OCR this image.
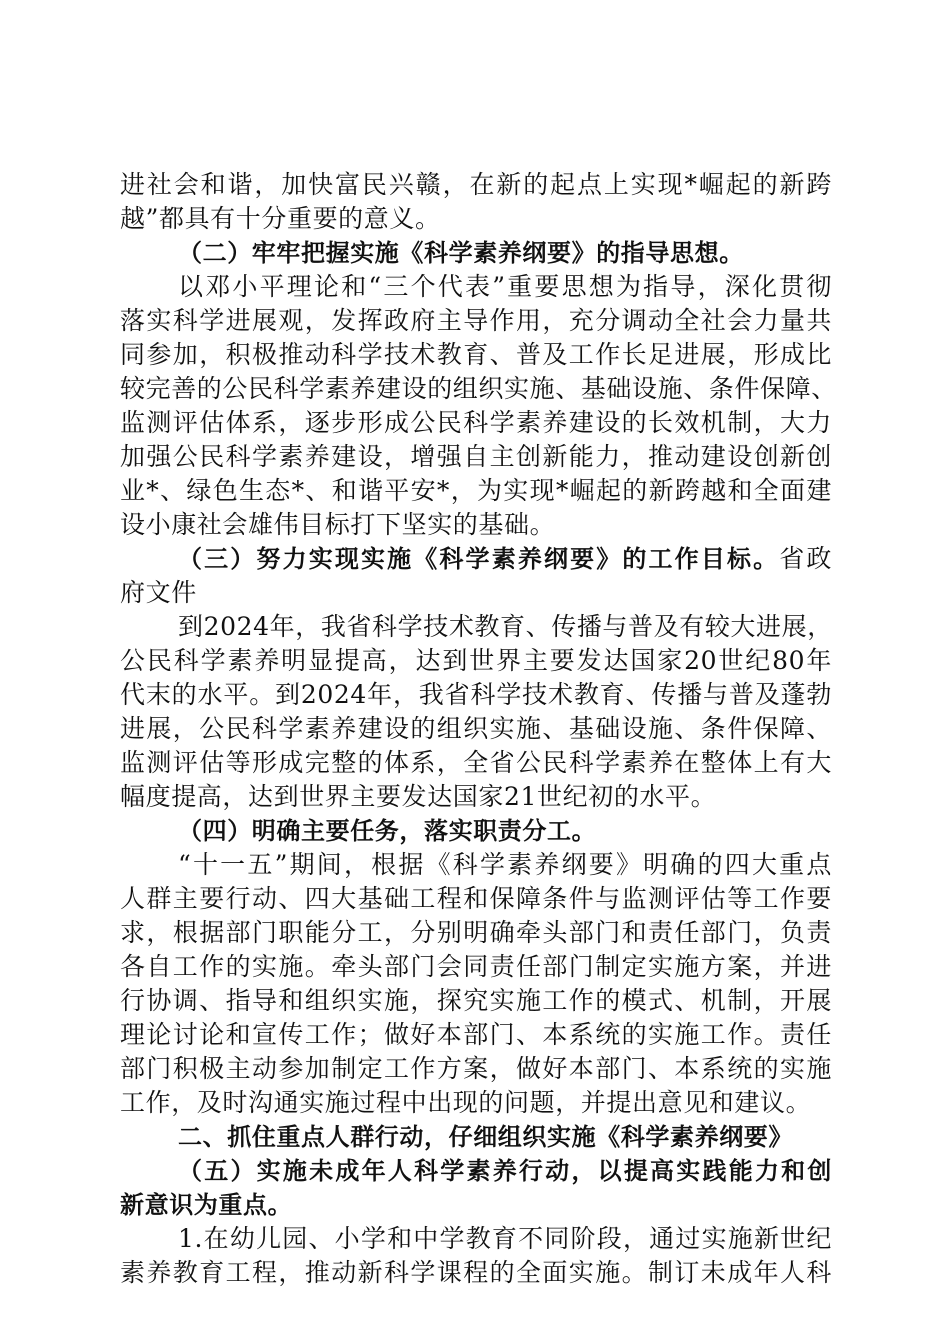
进社会和谐，加快富民兴赣，在新的起点上实现*崛起的新跨
越”都具有十分重要的意义。
（二）牢牢把握实施《科学素养纲要》的指导思想。
以邓小平理论和“三个代表”重要思想为指导，深化贯彻
落实科学进展观，发挥政府主导作用，充分调动全社会力量共
同参加，积极推动科学技术教育、普及工作长足进展，形成比
较完善的公民科学素养建设的组织实施、基础设施、条件保障、
监测评估体系，逐步形成公民科学素养建设的长效机制，大力
加强公民科学素养建设，增强自主创新能力，推动建设创新创
业*、绿色生态*、和谐平安*，为实现*崛起的新跨越和全面建
设小康社会雄伟目标打下坚实的基础。
（三）努力实现实施《科学素养纲要》的工作目标。省政
府文件
到2024年，我省科学技术教育、传播与普及有较大进展，
公民科学素养明显提高，达到世界主要发达国家20世纪80年
代末的水平。到2024年，我省科学技术教育、传播与普及蓬勃
进展，公民科学素养建设的组织实施、基础设施、条件保障、
监测评估等形成完整的体系，全省公民科学素养在整体上有大
幅度提高，达到世界主要发达国家21世纪初的水平。
（四）明确主要任务，落实职责分工。
“十一五”期间，根据《科学素养纲要》明确的四大重点
人群主要行动、四大基础工程和保障条件与监测评估等工作要
求，根据部门职能分工，分别明确牵头部门和责任部门，负责
各自工作的实施。牵头部门会同责任部门制定实施方案，并进
行协调、指导和组织实施，探究实施工作的模式、机制，开展
理论讨论和宣传工作；做好本部门、本系统的实施工作。责任
部门积极主动参加制定工作方案，做好本部门、本系统的实施
工作，及时沟通实施过程中出现的问题，并提出意见和建议。
二、抓住重点人群行动，仔细组织实施《科学素养纲要》
（五）实施未成年人科学素养行动，以提高实践能力和创
新意识为重点。
1.在幼儿园、小学和中学教育不同阶段，通过实施新世纪
素养教育工程，推动新科学课程的全面实施。制订未成年人科
